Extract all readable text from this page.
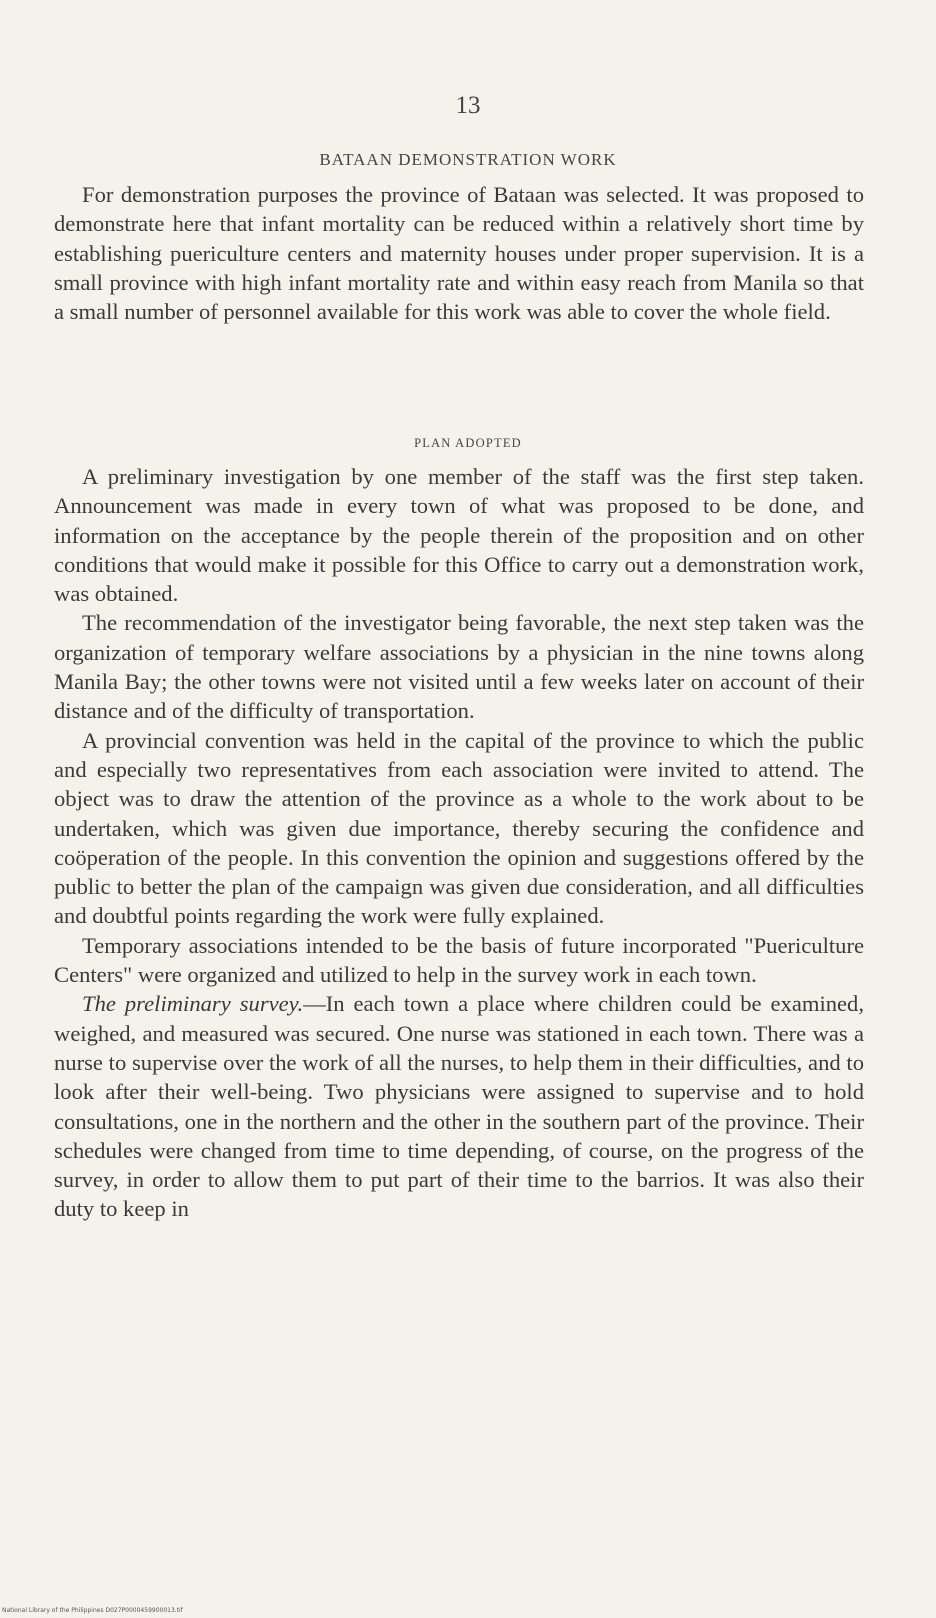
13
BATAAN DEMONSTRATION WORK

For demonstration purposes the province of Bataan was selected. It was proposed to demonstrate here that infant mortality can be reduced within a relatively short time by establishing puericulture centers and maternity houses under proper supervision. It is a small province with high infant mortality rate and within easy reach from Manila so that a small number of personnel available for this work was able to cover the whole field.

PLAN ADOPTED

A preliminary investigation by one member of the staff was the first step taken. Announcement was made in every town of what was proposed to be done, and information on the acceptance by the people therein of the proposition and on other conditions that would make it possible for this Office to carry out a demonstration work, was obtained.

The recommendation of the investigator being favorable, the next step taken was the organization of temporary welfare associations by a physician in the nine towns along Manila Bay; the other towns were not visited until a few weeks later on account of their distance and of the difficulty of transportation.

A provincial convention was held in the capital of the province to which the public and especially two representatives from each association were invited to attend. The object was to draw the attention of the province as a whole to the work about to be undertaken, which was given due importance, thereby securing the confidence and coöperation of the people. In this convention the opinion and suggestions offered by the public to better the plan of the campaign was given due consideration, and all difficulties and doubtful points regarding the work were fully explained.

Temporary associations intended to be the basis of future incorporated "Puericulture Centers" were organized and utilized to help in the survey work in each town.

The preliminary survey.—In each town a place where children could be examined, weighed, and measured was secured. One nurse was stationed in each town. There was a nurse to supervise over the work of all the nurses, to help them in their difficulties, and to look after their well-being. Two physicians were assigned to supervise and to hold consultations, one in the northern and the other in the southern part of the province. Their schedules were changed from time to time depending, of course, on the progress of the survey, in order to allow them to put part of their time to the barrios. It was also their duty to keep in

National Library of the Philippines D027P0000459900013.tif
